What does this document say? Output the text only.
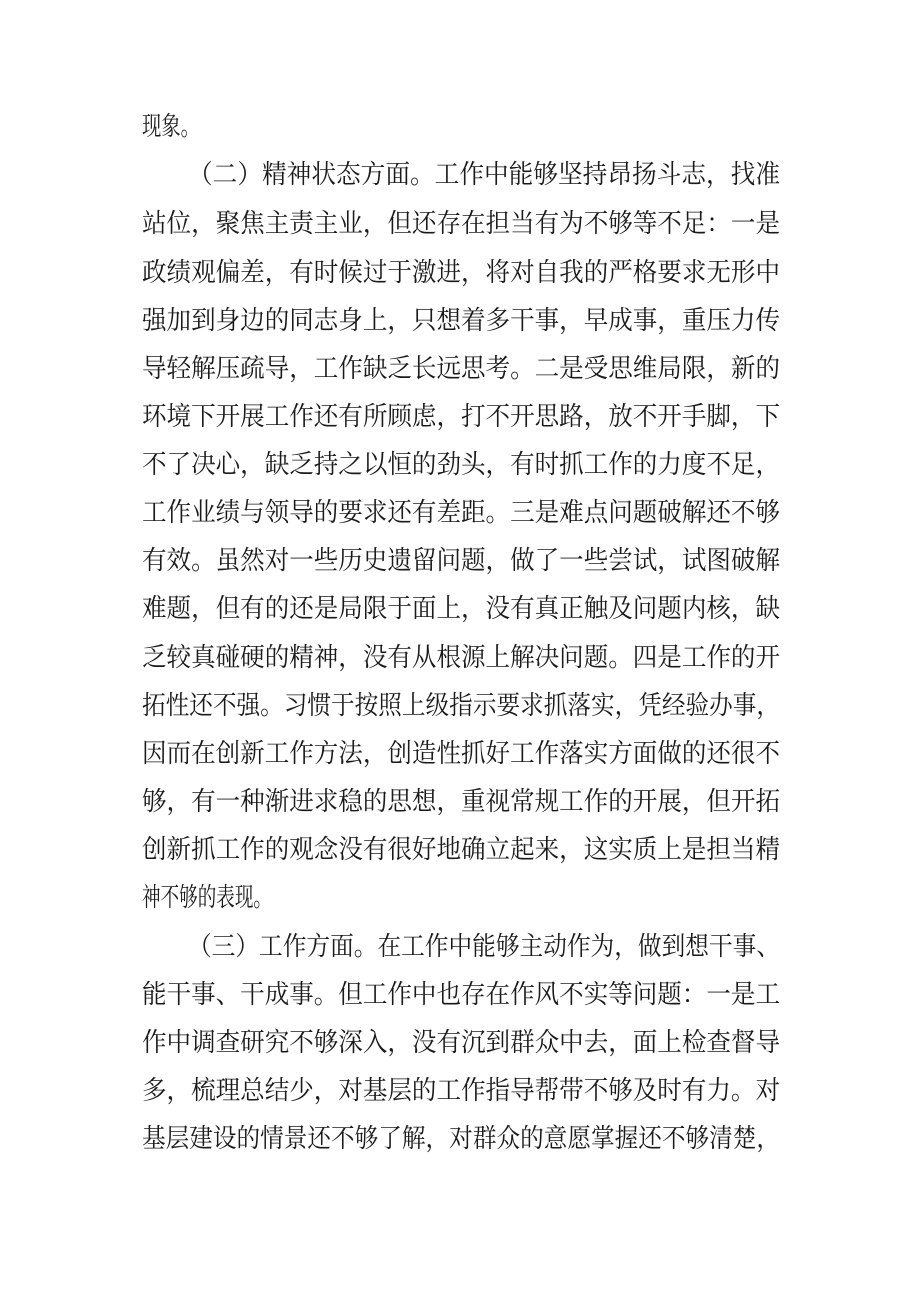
现象。
（二）精神状态方面。工作中能够坚持昂扬斗志，找准
站位，聚焦主责主业，但还存在担当有为不够等不足：一是
政绩观偏差，有时候过于激进，将对自我的严格要求无形中
强加到身边的同志身上，只想着多干事，早成事，重压力传
导轻解压疏导，工作缺乏长远思考。二是受思维局限，新的
环境下开展工作还有所顾虑，打不开思路，放不开手脚，下
不了决心，缺乏持之以恒的劲头，有时抓工作的力度不足，
工作业绩与领导的要求还有差距。三是难点问题破解还不够
有效。虽然对一些历史遗留问题，做了一些尝试，试图破解
难题，但有的还是局限于面上，没有真正触及问题内核，缺
乏较真碰硬的精神，没有从根源上解决问题。四是工作的开
拓性还不强。习惯于按照上级指示要求抓落实，凭经验办事，
因而在创新工作方法，创造性抓好工作落实方面做的还很不
够，有一种渐进求稳的思想，重视常规工作的开展，但开拓
创新抓工作的观念没有很好地确立起来，这实质上是担当精
神不够的表现。
（三）工作方面。在工作中能够主动作为，做到想干事、
能干事、干成事。但工作中也存在作风不实等问题：一是工
作中调查研究不够深入，没有沉到群众中去，面上检查督导
多，梳理总结少，对基层的工作指导帮带不够及时有力。对
基层建设的情景还不够了解，对群众的意愿掌握还不够清楚，
